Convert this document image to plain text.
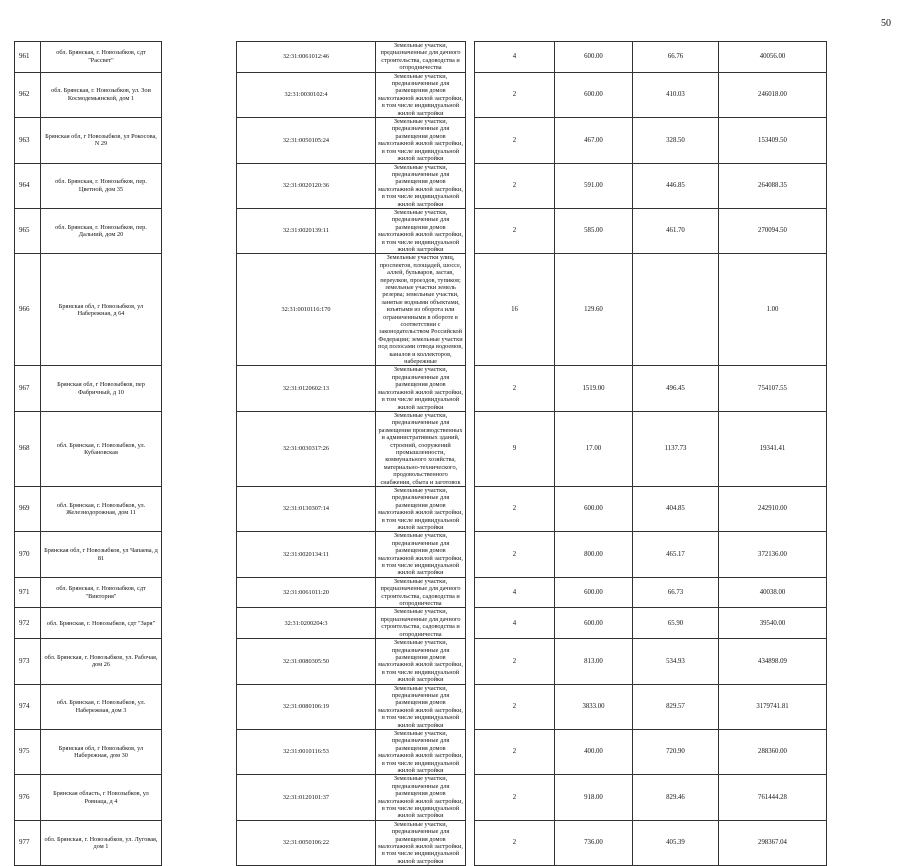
50
961	обл. Брянская, г. Новозыбков, сдт "Рассвет"		32:31:0061012:46	Земельные участки, предназначенные для дачного строительства, садоводства и огородничества		4	600.00	66.76	40056.00	
962	обл. Брянская, г. Новозыбков, ул. Зои Космодемьянской, дом 1		32:31:0030102:4	Земельные участки, предназначенные для размещения домов малоэтажной жилой застройки, в том числе индивидуальной жилой застройки		2	600.00	410.03	246018.00	
963	Брянская обл, г Новозыбков, ул Рокосова, N 29		32:31:0050105:24	Земельные участки, предназначенные для размещения домов малоэтажной жилой застройки, в том числе индивидуальной жилой застройки		2	467.00	328.50	153409.50	
964	обл. Брянская, г. Новозыбков, пер. Цветной, дом 35		32:31:0020120:36	Земельные участки, предназначенные для размещения домов малоэтажной жилой застройки, в том числе индивидуальной жилой застройки		2	591.00	446.85	264088.35	
965	обл. Брянская, г. Новозыбков, пер. Дальний, дом 20		32:31:0020139:11	Земельные участки, предназначенные для размещения домов малоэтажной жилой застройки, в том числе индивидуальной жилой застройки		2	585.00	461.70	270094.50	
966	Брянская обл, г Новозыбков, ул Набережная, д 64		32:31:0010116:170	Земельные участки улиц, проспектов, площадей, шоссе, аллей, бульваров, застав, переулков, проездов, тупиков; земельные участки земель резерва; земельные участки, занятые водными объектами, изъятыми из оборота или ограниченными в обороте в соответствии с законодательством Российской Федерации; земельные участки под полосами отвода водоемов, каналов и коллекторов, набережные		16	129.60		1.00	
967	Брянская обл, г Новозыбков, пер Фабричный, д 10		32:31:0120602:13	Земельные участки, предназначенные для размещения домов малоэтажной жилой застройки, в том числе индивидуальной жилой застройки		2	1519.00	496.45	754107.55	
968	обл. Брянская, г. Новозыбков, ул. Кубановская		32:31:0030317:26	Земельные участки, предназначенные для размещения производственных и административных зданий, строений, сооружений промышленности, коммунального хозяйства, материально-технического, продовольственного снабжения, сбыта и заготовок		9	17.00	1137.73	19341.41	
969	обл. Брянская, г. Новозыбков, ул. Железнодорожная, дом 11		32:31:0130307:14	Земельные участки, предназначенные для размещения домов малоэтажной жилой застройки, в том числе индивидуальной жилой застройки		2	600.00	404.85	242910.00	
970	Брянская обл, г Новозыбков, ул Чапаева, д 81		32:31:0020134:11	Земельные участки, предназначенные для размещения домов малоэтажной жилой застройки, в том числе индивидуальной жилой застройки		2	800.00	465.17	372136.00	
971	обл. Брянская, г. Новозыбков, сдт "Виктория"		32:31:0061011:20	Земельные участки, предназначенные для дачного строительства, садоводства и огородничества		4	600.00	66.73	40038.00	
972	обл. Брянская, г. Новозыбков, сдт "Заря"		32:31:0200204:3	Земельные участки, предназначенные для дачного строительства, садоводства и огородничества		4	600.00	65.90	39540.00	
973	обл. Брянская, г. Новозыбков, ул. Рабочая, дом 26		32:31:0080305:50	Земельные участки, предназначенные для размещения домов малоэтажной жилой застройки, в том числе индивидуальной жилой застройки		2	813.00	534.93	434898.09	
974	обл. Брянская, г. Новозыбков, ул. Набережная, дом 3		32:31:0080106:19	Земельные участки, предназначенные для размещения домов малоэтажной жилой застройки, в том числе индивидуальной жилой застройки		2	3833.00	829.57	3179741.81	
975	Брянская обл, г Новозыбков, ул Набережная, дом 30		32:31:0010116:53	Земельные участки, предназначенные для размещения домов малоэтажной жилой застройки, в том числе индивидуальной жилой застройки		2	400.00	720.90	288360.00	
976	Брянская область, г Новозыбков, ул Ровнаца, д 4		32:31:0120101:37	Земельные участки, предназначенные для размещения домов малоэтажной жилой застройки, в том числе индивидуальной жилой застройки		2	918.00	829.46	761444.28	
977	обл. Брянская, г. Новозыбков, ул. Луговая, дом 1		32:31:0050106:22	Земельные участки, предназначенные для размещения домов малоэтажной жилой застройки, в том числе индивидуальной жилой застройки		2	736.00	405.39	298367.04	
